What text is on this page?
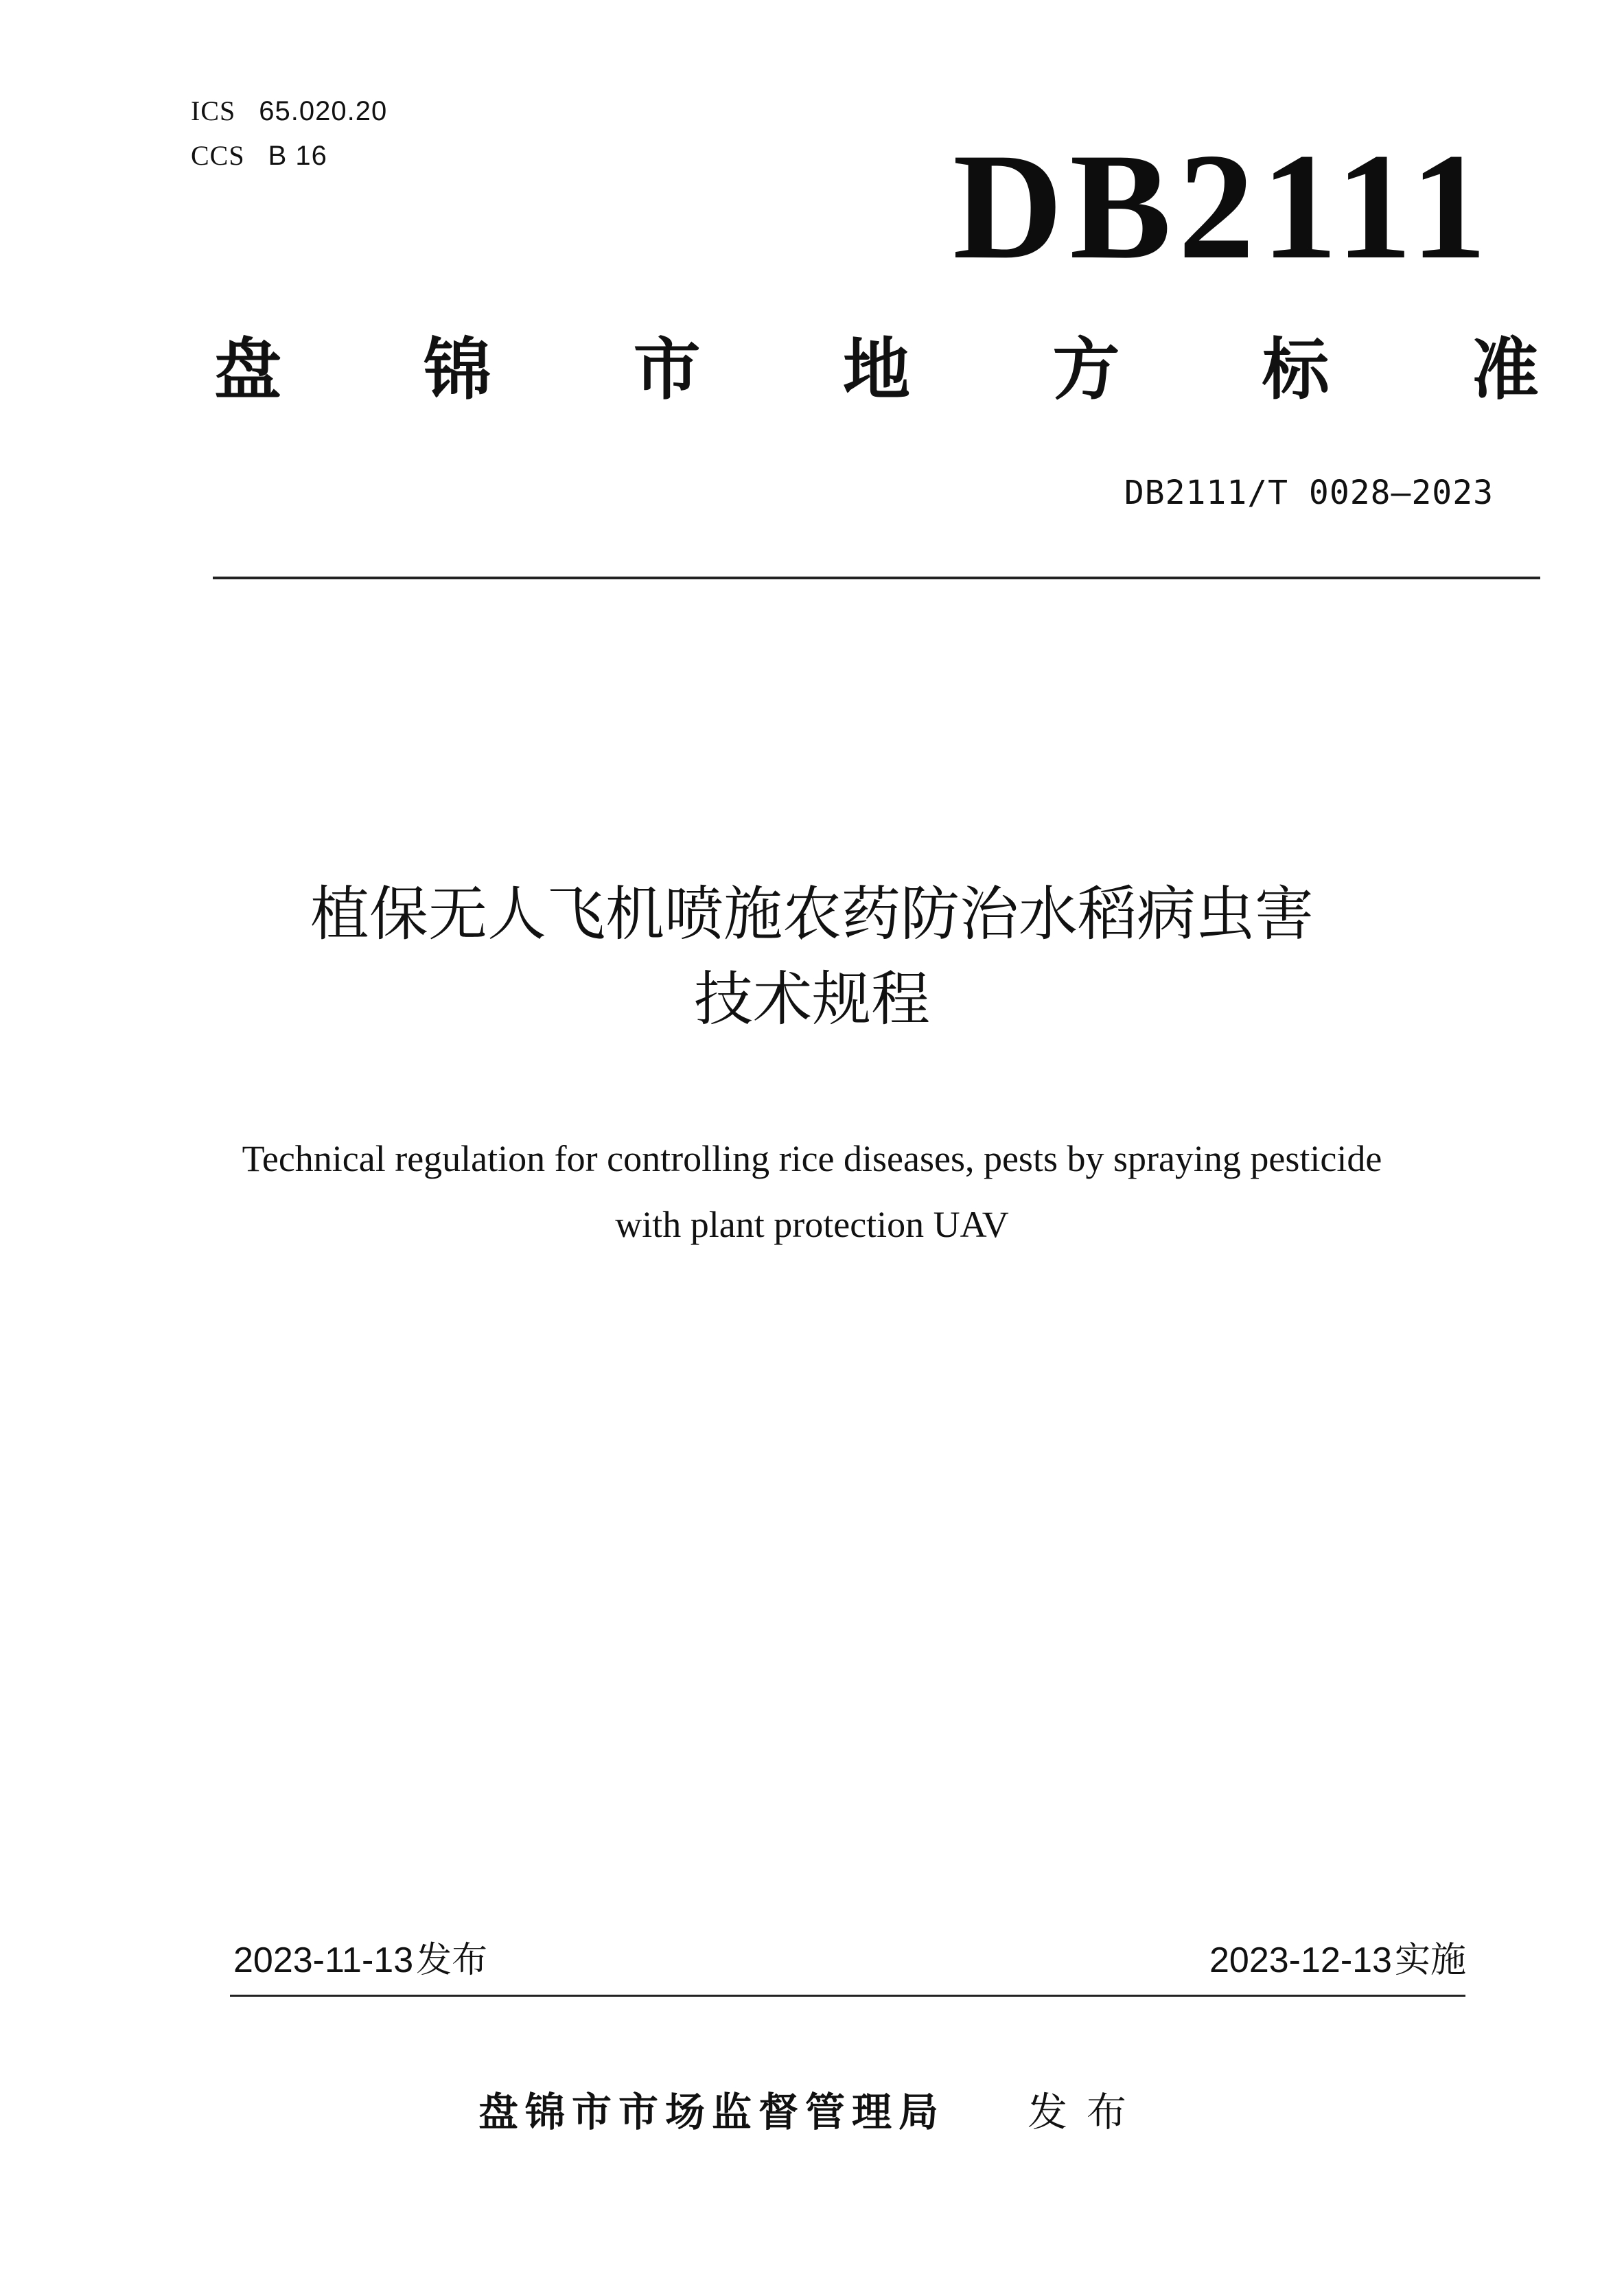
ICS 65.020.20
CCS B 16	DB2111
盘 锦 市 地 方 标 准
DB2111/T 0028—2023
植保无人飞机喷施农药防治水稻病虫害
技术规程
Technical regulation for controlling rice diseases, pests by spraying pesticide
with plant protection UAV
2023-11-13发布	2023-12-13实施
盘锦市市场监督管理局 发布
